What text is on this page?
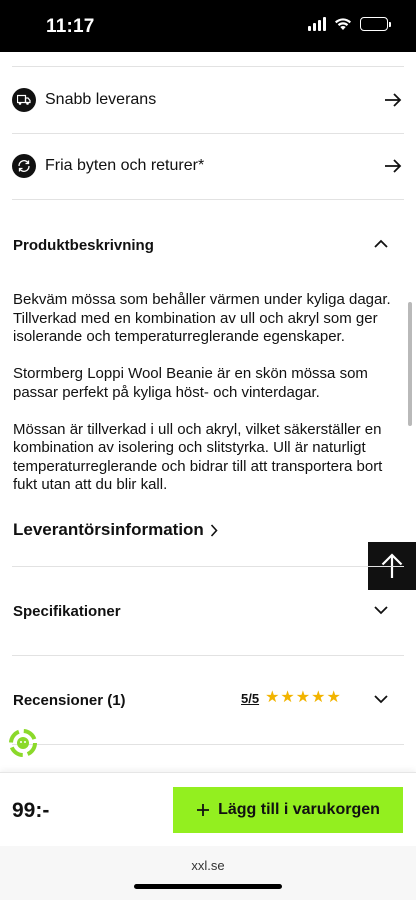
11:17
Snabb leverans
Fria byten och returer*
Produktbeskrivning

Bekväm mössa som behåller värmen under kyliga dagar. Tillverkad med en kombination av ull och akryl som ger isolerande och temperaturreglerande egenskaper.

Stormberg Loppi Wool Beanie är en skön mössa som passar perfekt på kyliga höst- och vinterdagar.

Mössan är tillverkad i ull och akryl, vilket säkerställer en kombination av isolering och slitstyrka. Ull är naturligt temperaturreglerande och bidrar till att transportera bort fukt utan att du blir kall.

Leverantörsinformation
Specifikationer
Recensioner (1)	5/5 ★ ★ ★ ★ ★
99:-	Lägg till i varukorgen
xxl.se
